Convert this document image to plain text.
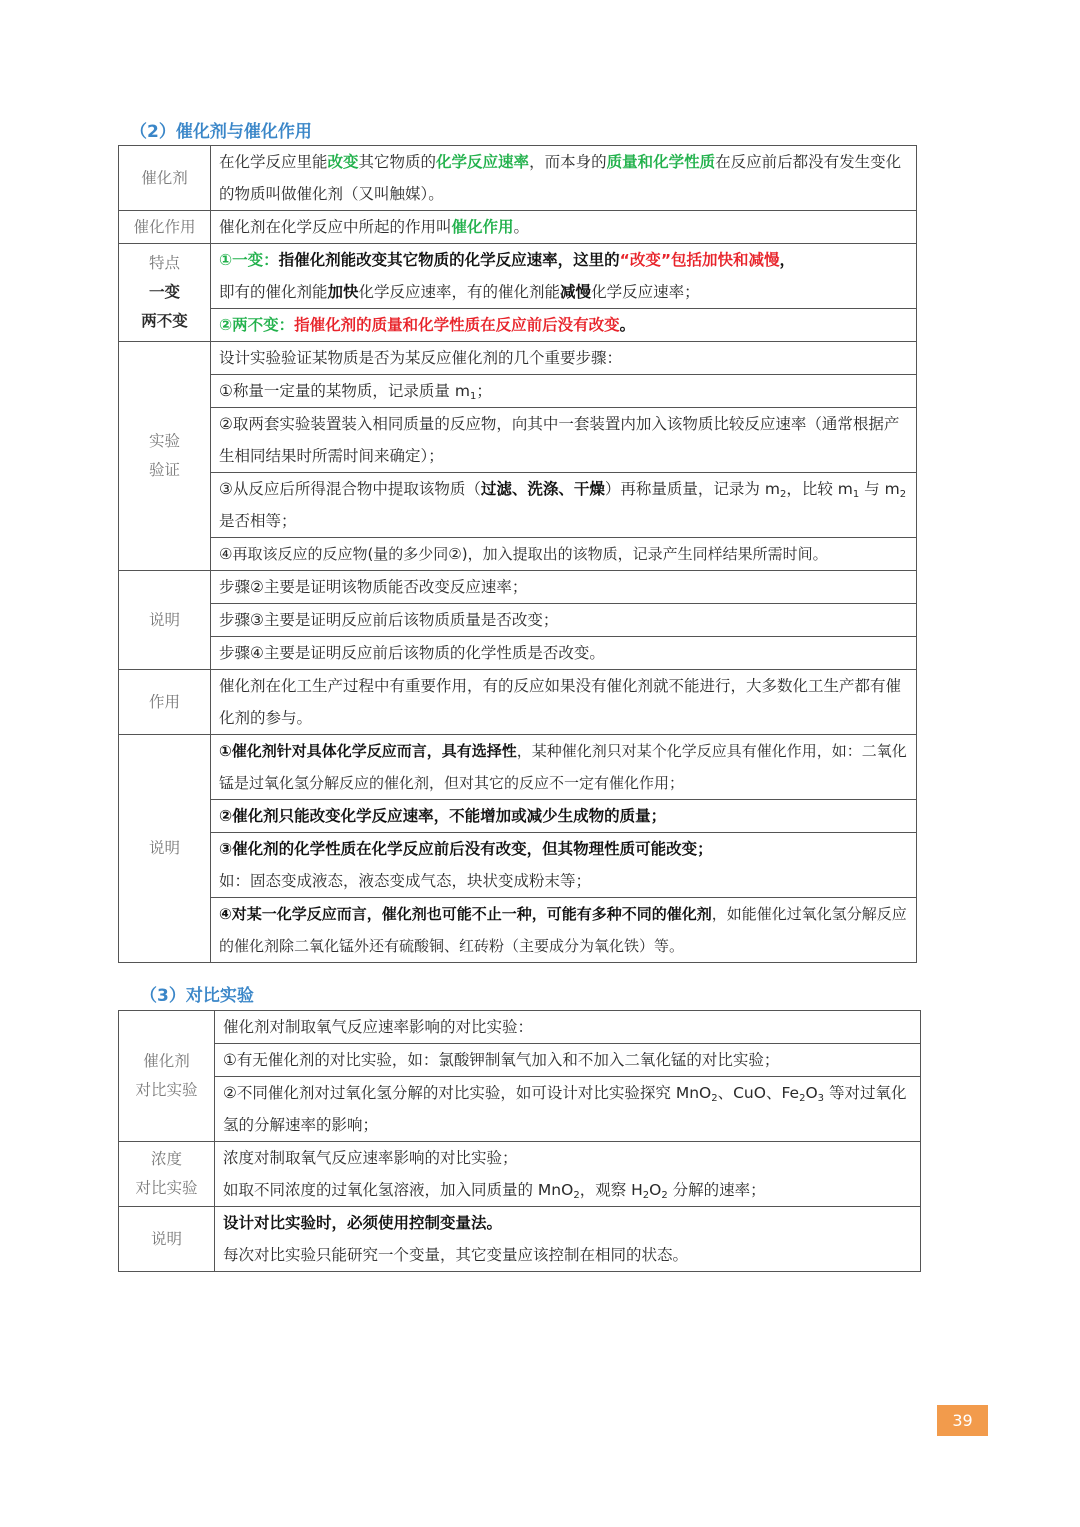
（2）催化剂与催化作用
催化剂	在化学反应里能改变其它物质的化学反应速率，而本身的质量和化学性质在反应前后都没有发生变化的物质叫做催化剂（又叫触媒）。
催化作用	催化剂在化学反应中所起的作用叫催化作用。

特点
一变
两不变	①一变：指催化剂能改变其它物质的化学反应速率，这里的“改变”包括加快和减慢，
即有的催化剂能加快化学反应速率，有的催化剂能减慢化学反应速率；
	②两不变：指催化剂的质量和化学性质在反应前后没有改变。

实验
验证	设计实验验证某物质是否为某反应催化剂的几个重要步骤：
	①称量一定量的某物质，记录质量 $m_1$；
	②取两套实验装置装入相同质量的反应物，向其中一套装置内加入该物质比较反应速率（通常根据产生相同结果时所需时间来确定）；
	③从反应后所得混合物中提取该物质（过滤、洗涤、干燥）再称量质量，记录为 $m_2$，比较 $m_1$ 与 $m_2$ 是否相等；
	④再取该反应的反应物(量的多少同②)，加入提取出的该物质，记录产生同样结果所需时间。
说明	步骤②主要是证明该物质能否改变反应速率；
	步骤③主要是证明反应前后该物质质量是否改变；
	步骤④主要是证明反应前后该物质的化学性质是否改变。
作用	催化剂在化工生产过程中有重要作用，有的反应如果没有催化剂就不能进行，大多数化工生产都有催化剂的参与。
说明	①催化剂针对具体化学反应而言，具有选择性，某种催化剂只对某个化学反应具有催化作用，如：二氧化锰是过氧化氢分解反应的催化剂，但对其它的反应不一定有催化作用；
	②催化剂只能改变化学反应速率，不能增加或减少生成物的质量；
	③催化剂的化学性质在化学反应前后没有改变，但其物理性质可能改变；
如：固态变成液态，液态变成气态，块状变成粉末等；
	④对某一化学反应而言，催化剂也可能不止一种，可能有多种不同的催化剂，如能催化过氧化氢分解反应的催化剂除二氧化锰外还有硫酸铜、红砖粉（主要成分为氧化铁）等。
（3）对比实验
催化剂
对比实验	催化剂对制取氧气反应速率影响的对比实验：
	①有无催化剂的对比实验，如：氯酸钾制氧气加入和不加入二氧化锰的对比实验；
	②不同催化剂对过氧化氢分解的对比实验，如可设计对比实验探究 MnO$_2$、CuO、$Fe_2O_3$ 等对过氧化氢的分解速率的影响；

浓度
对比实验	浓度对制取氧气反应速率影响的对比实验；
如取不同浓度的过氧化氢溶液，加入同质量的 MnO$_2$，观察 $H_2O_2$ 分解的速率；
说明	设计对比实验时，必须使用控制变量法。
每次对比实验只能研究一个变量，其它变量应该控制在相同的状态。
39
